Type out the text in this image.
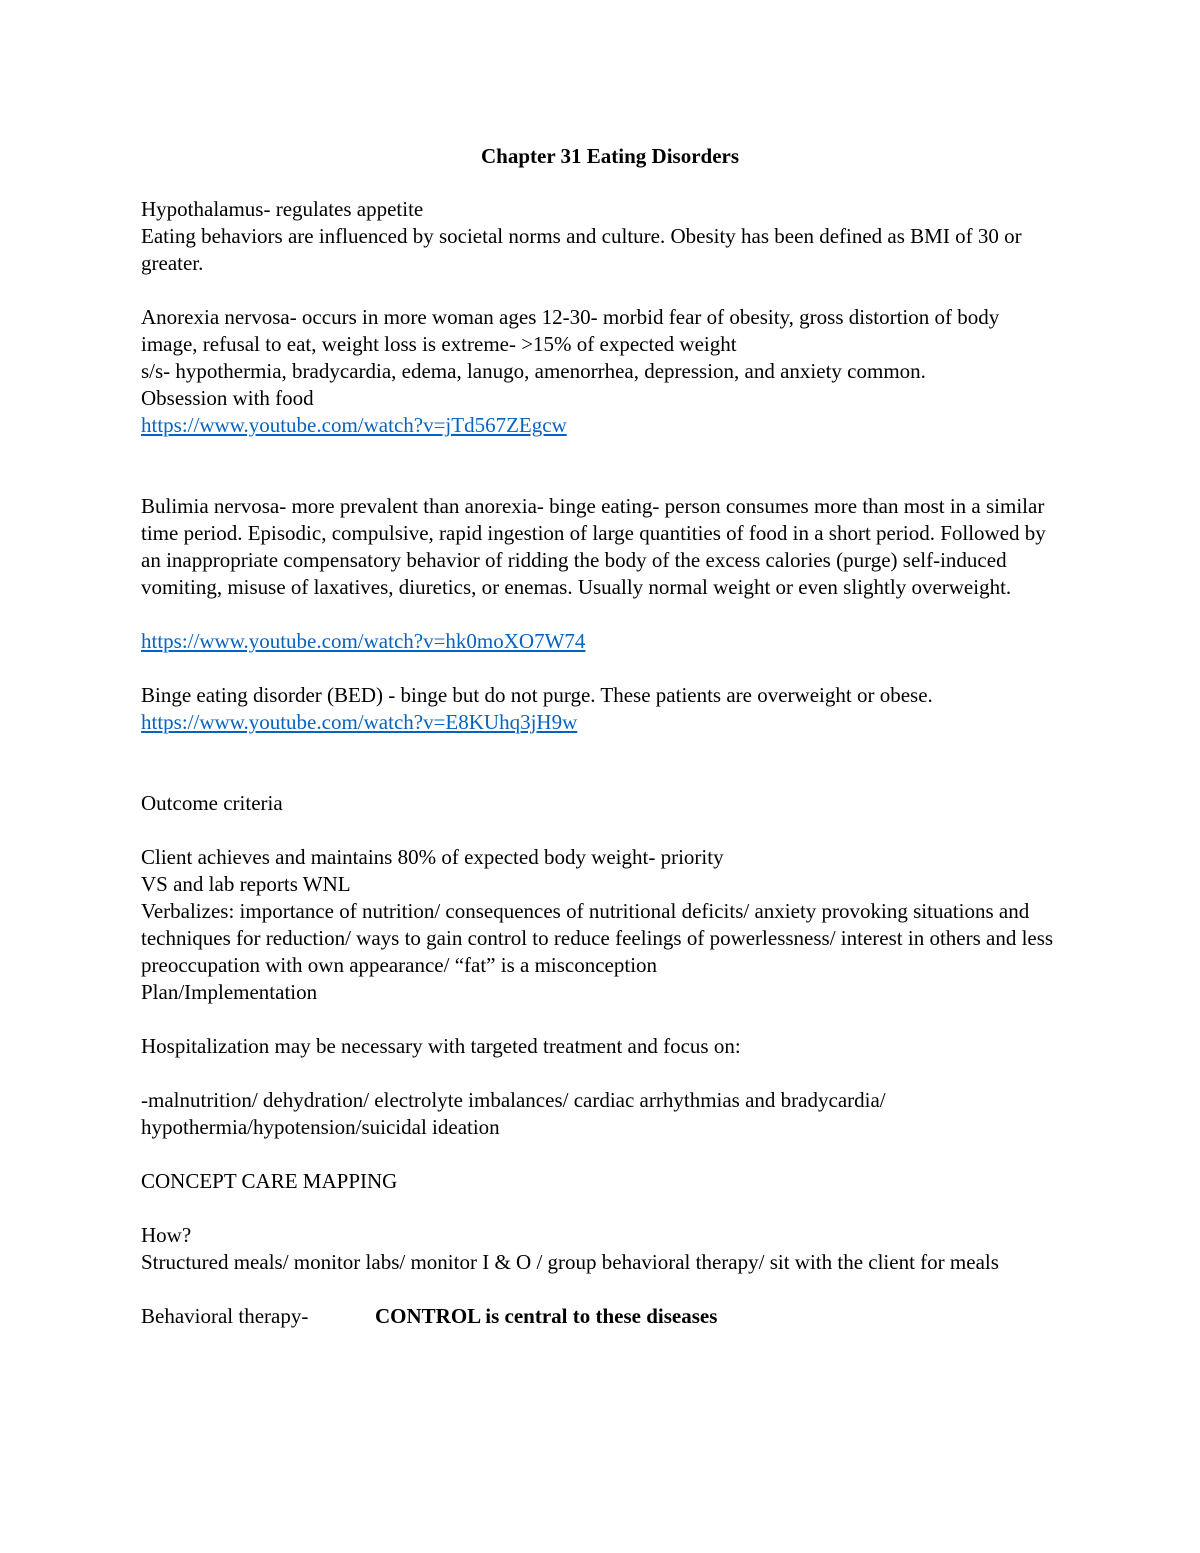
Chapter 31 Eating Disorders
Hypothalamus- regulates appetite
Eating behaviors are influenced by societal norms and culture. Obesity has been defined as BMI of 30 or greater.
Anorexia nervosa- occurs in more woman ages 12-30- morbid fear of obesity, gross distortion of body image, refusal to eat, weight loss is extreme- >15% of expected weight
s/s- hypothermia, bradycardia, edema, lanugo, amenorrhea, depression, and anxiety common.
Obsession with food
https://www.youtube.com/watch?v=jTd567ZEgcw
Bulimia nervosa- more prevalent than anorexia- binge eating- person consumes more than most in a similar time period. Episodic, compulsive, rapid ingestion of large quantities of food in a short period. Followed by an inappropriate compensatory behavior of ridding the body of the excess calories (purge) self-induced vomiting, misuse of laxatives, diuretics, or enemas. Usually normal weight or even slightly overweight.
https://www.youtube.com/watch?v=hk0moXO7W74
Binge eating disorder (BED) - binge but do not purge. These patients are overweight or obese.
https://www.youtube.com/watch?v=E8KUhq3jH9w
Outcome criteria
Client achieves and maintains 80% of expected body weight- priority
VS and lab reports WNL
Verbalizes: importance of nutrition/ consequences of nutritional deficits/ anxiety provoking situations and techniques for reduction/ ways to gain control to reduce feelings of powerlessness/ interest in others and less preoccupation with own appearance/ “fat” is a misconception
Plan/Implementation
Hospitalization may be necessary with targeted treatment and focus on:
-malnutrition/ dehydration/ electrolyte imbalances/ cardiac arrhythmias and bradycardia/ hypothermia/hypotension/suicidal ideation
CONCEPT CARE MAPPING
How?
Structured meals/ monitor labs/ monitor I & O / group behavioral therapy/ sit with the client for meals
Behavioral therapy-	CONTROL is central to these diseases
